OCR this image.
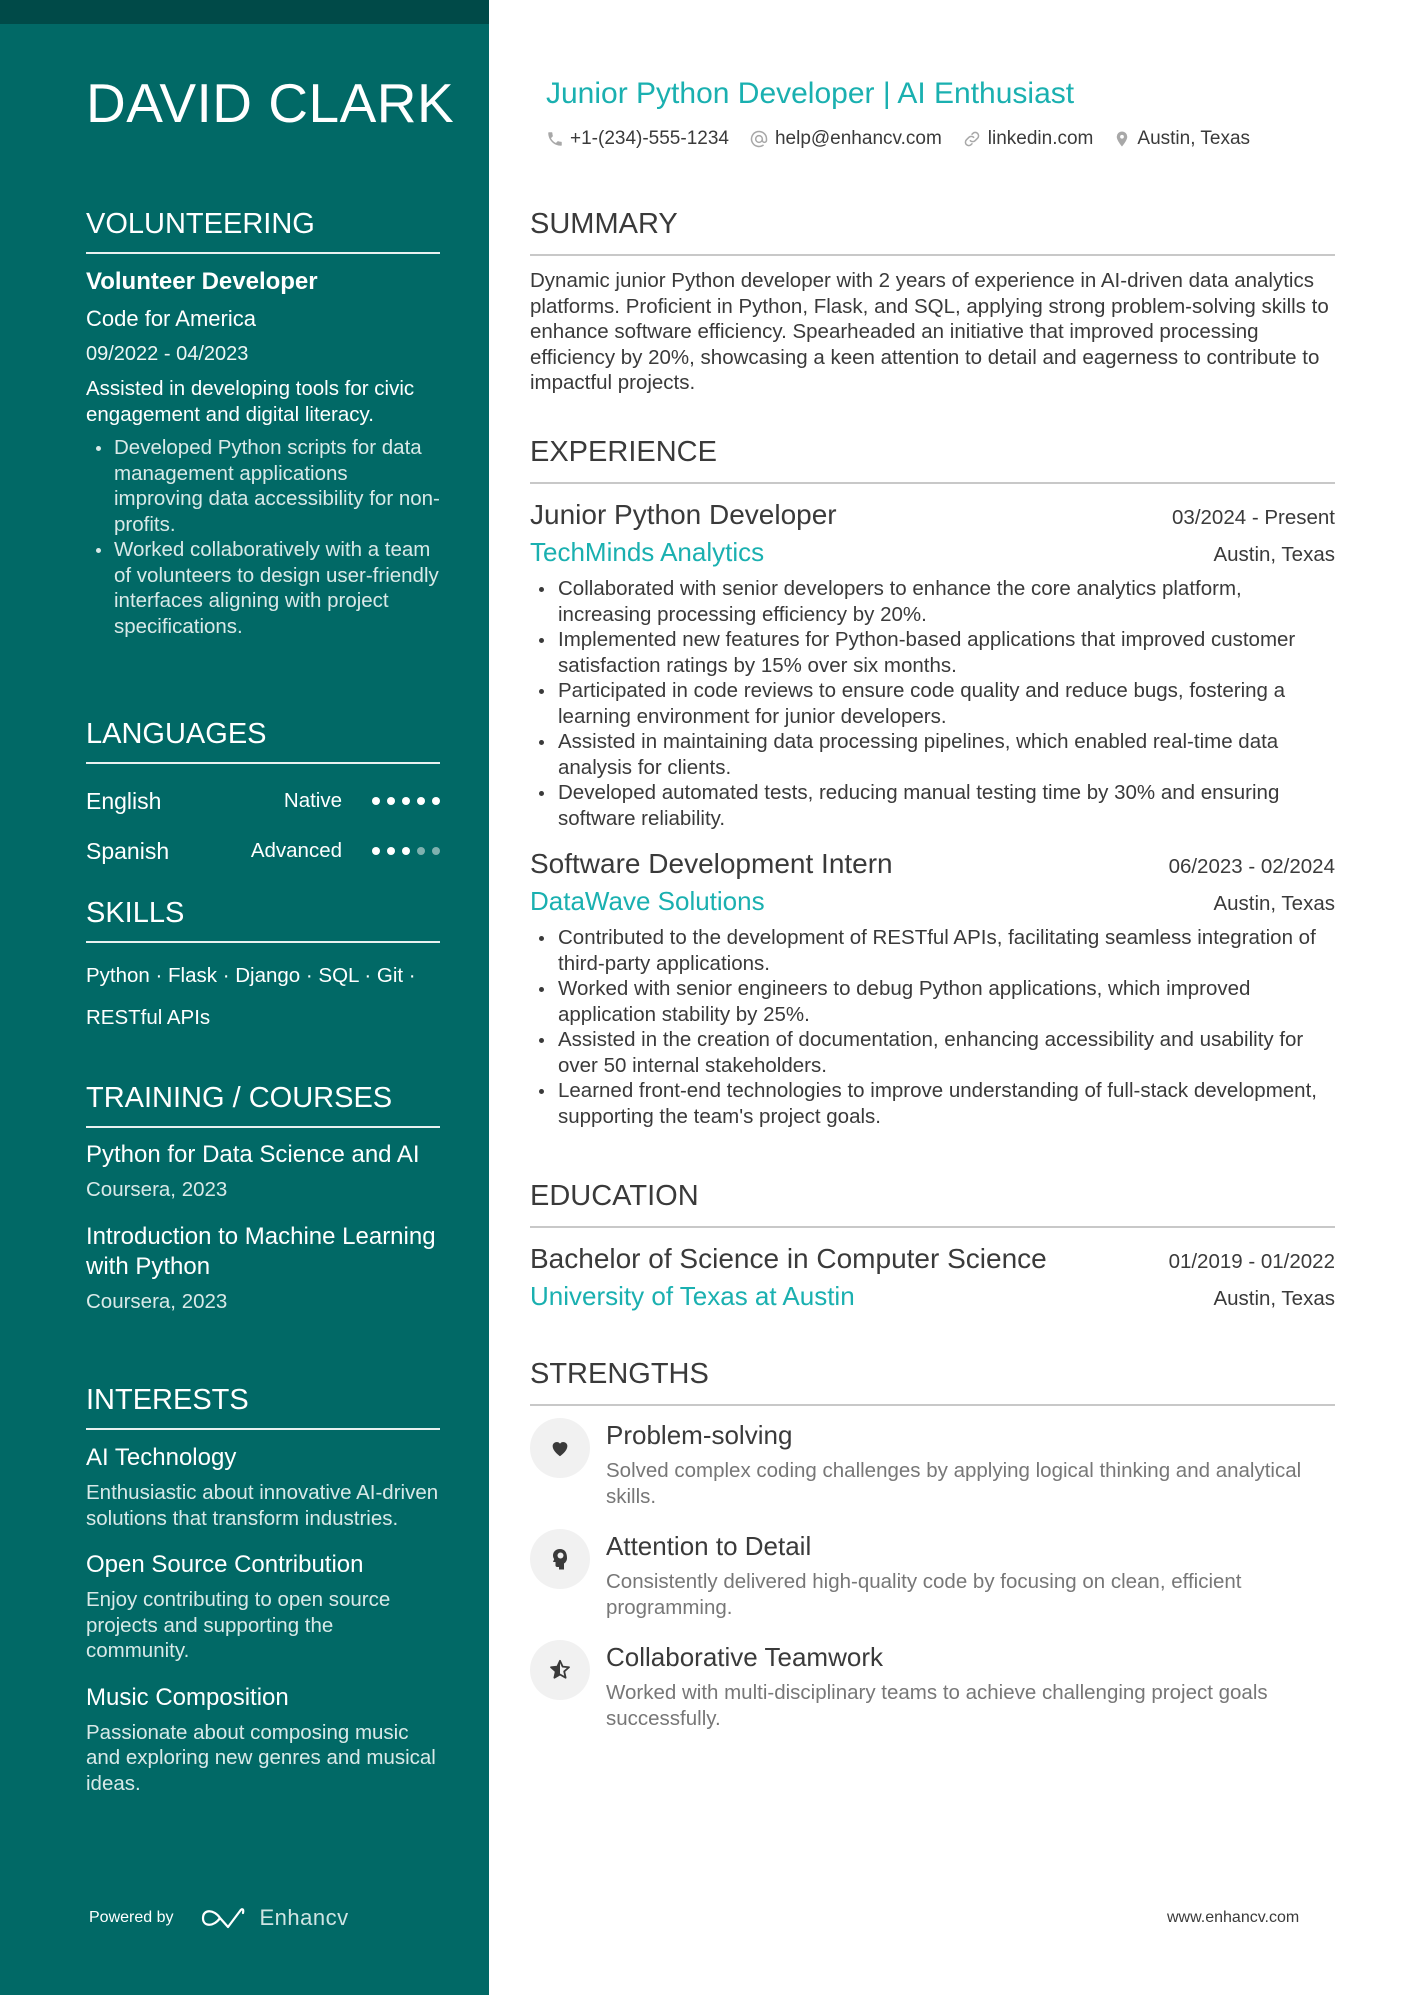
DAVID CLARK
VOLUNTEERING
Volunteer Developer
Code for America
09/2022 - 04/2023
Assisted in developing tools for civic engagement and digital literacy.
Developed Python scripts for data management applications improving data accessibility for non-profits.
Worked collaboratively with a team of volunteers to design user-friendly interfaces aligning with project specifications.
LANGUAGES
English	Native
Spanish	Advanced
SKILLS
Python · Flask · Django · SQL · Git ·
RESTful APIs
TRAINING / COURSES
Python for Data Science and AI
Coursera, 2023
Introduction to Machine Learning with Python
Coursera, 2023
INTERESTS
AI Technology
Enthusiastic about innovative AI-driven solutions that transform industries.
Open Source Contribution
Enjoy contributing to open source projects and supporting the community.
Music Composition
Passionate about composing music and exploring new genres and musical ideas.
Powered by	Enhancv
Junior Python Developer | AI Enthusiast
+1-(234)-555-1234 help@enhancv.com linkedin.com Austin, Texas
SUMMARY

Dynamic junior Python developer with 2 years of experience in AI-driven data analytics platforms. Proficient in Python, Flask, and SQL, applying strong problem-solving skills to enhance software efficiency. Spearheaded an initiative that improved processing efficiency by 20%, showcasing a keen attention to detail and eagerness to contribute to impactful projects.

EXPERIENCE
Junior Python Developer	03/2024 - Present
TechMinds Analytics	Austin, Texas
Collaborated with senior developers to enhance the core analytics platform, increasing processing efficiency by 20%.
Implemented new features for Python-based applications that improved customer satisfaction ratings by 15% over six months.
Participated in code reviews to ensure code quality and reduce bugs, fostering a learning environment for junior developers.
Assisted in maintaining data processing pipelines, which enabled real-time data analysis for clients.
Developed automated tests, reducing manual testing time by 30% and ensuring software reliability.
Software Development Intern	06/2023 - 02/2024
DataWave Solutions	Austin, Texas
Contributed to the development of RESTful APIs, facilitating seamless integration of third-party applications.
Worked with senior engineers to debug Python applications, which improved application stability by 25%.
Assisted in the creation of documentation, enhancing accessibility and usability for over 50 internal stakeholders.
Learned front-end technologies to improve understanding of full-stack development, supporting the team's project goals.
EDUCATION
Bachelor of Science in Computer Science	01/2019 - 01/2022
University of Texas at Austin	Austin, Texas
STRENGTHS
Problem-solving
Solved complex coding challenges by applying logical thinking and analytical skills.
Attention to Detail
Consistently delivered high-quality code by focusing on clean, efficient programming.
Collaborative Teamwork
Worked with multi-disciplinary teams to achieve challenging project goals successfully.
www.enhancv.com
